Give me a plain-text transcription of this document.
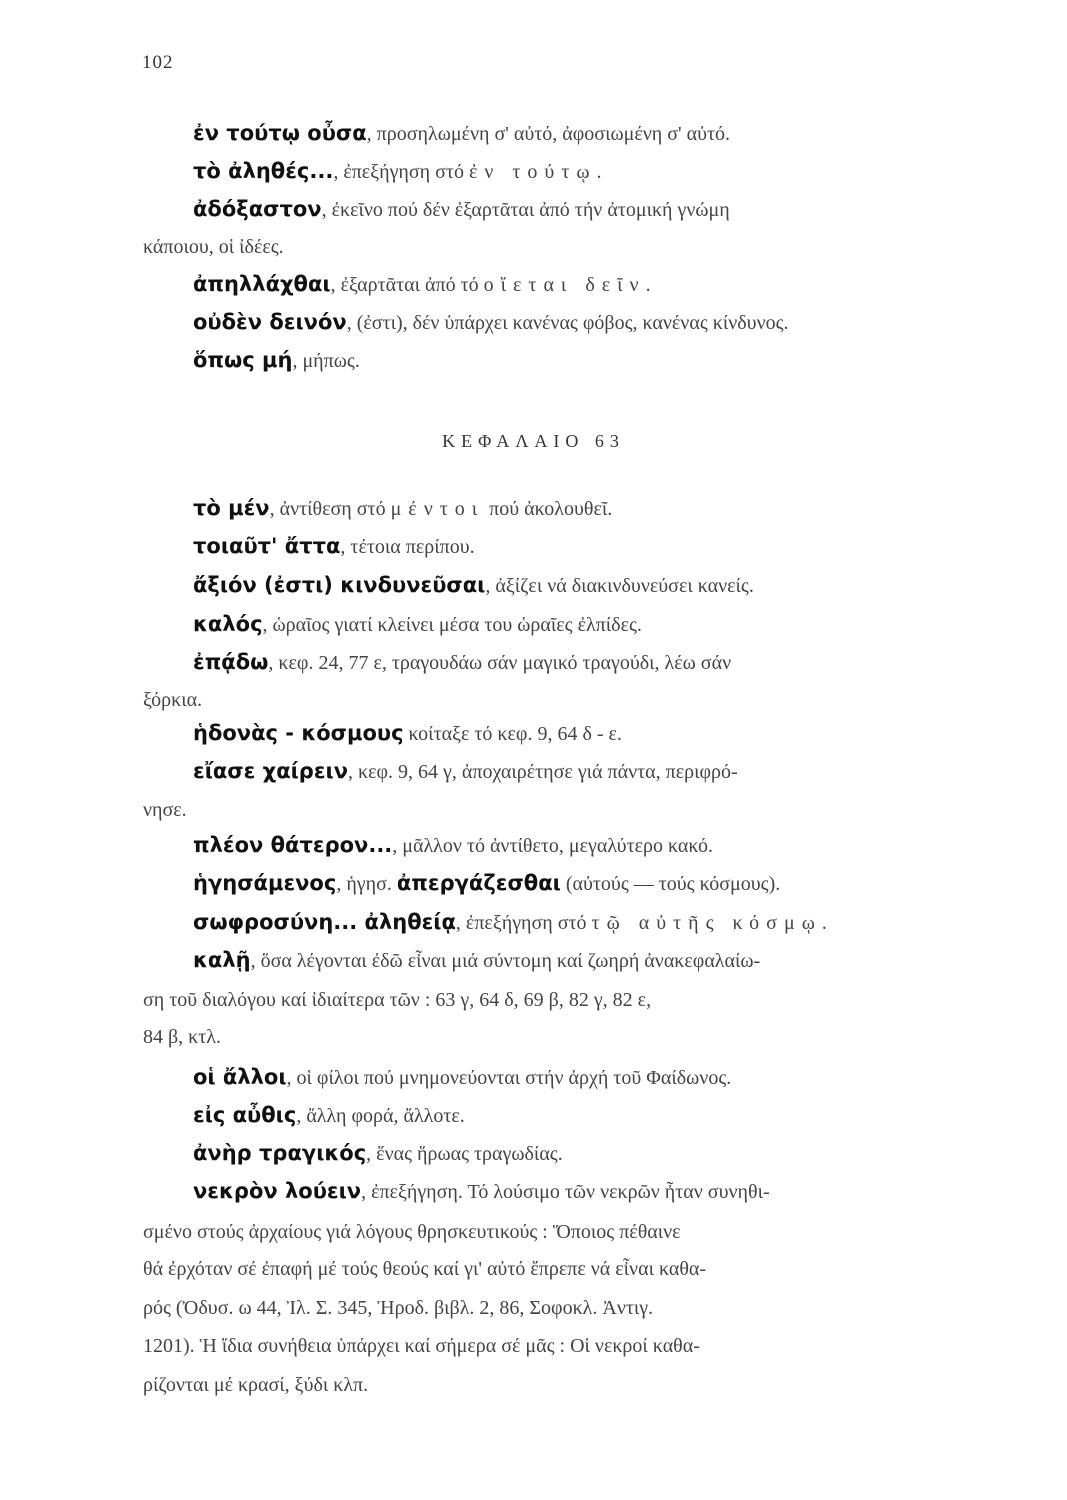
102
ἐν τούτῳ οὖσα, προσηλωμένη σ' αὐτό, ἀφοσιωμένη σ' αὐτό.
τὸ ἀληθές..., ἐπεξήγηση στό ἐν τούτῳ.
ἀδόξαστον, ἐκεῖνο πού δέν ἐξαρτᾶται ἀπό τήν ἀτομική γνώμη
κάποιου, οἱ ἰδέες.
ἀπηλλάχθαι, ἐξαρτᾶται ἀπό τό οἴεται δεῖν.
οὐδὲν δεινόν, (ἐστι), δέν ὑπάρχει κανένας φόβος, κανένας κίνδυνος.
ὅπως μή, μήπως.
ΚΕΦΑΛΑΙΟ 63
τὸ μέν, ἀντίθεση στό μέντοι πού ἀκολουθεῖ.
τοιαῦτ' ἄττα, τέτοια περίπου.
ἄξιόν (ἐστι) κινδυνεῦσαι, ἀξίζει νά διακινδυνεύσει κανείς.
καλός, ὡραῖος γιατί κλείνει μέσα του ὡραῖες ἐλπίδες.
ἐπᾴδω, κεφ. 24, 77 ε, τραγουδάω σάν μαγικό τραγούδι, λέω σάν
ξόρκια.
ἡδονὰς - κόσμους κοίταξε τό κεφ. 9, 64 δ - ε.
εἴασε χαίρειν, κεφ. 9, 64 γ, ἀποχαιρέτησε γιά πάντα, περιφρό-
νησε.
πλέον θάτερον..., μᾶλλον τό ἀντίθετο, μεγαλύτερο κακό.
ἡγησάμενος, ἡγησ. ἀπεργάζεσθαι (αὐτούς — τούς κόσμους).
σωφροσύνη... ἀληθείᾳ, ἐπεξήγηση στό τῷ αὐτῆς κόσμῳ.
καλῇ, ὅσα λέγονται ἐδῶ εἶναι μιά σύντομη καί ζωηρή ἀνακεφαλαίω-
ση τοῦ διαλόγου καί ἰδιαίτερα τῶν : 63 γ, 64 δ, 69 β, 82 γ, 82 ε,
84 β, κτλ.
οἱ ἄλλοι, οἱ φίλοι πού μνημονεύονται στήν ἀρχή τοῦ Φαίδωνος.
εἰς αὖθις, ἄλλη φορά, ἄλλοτε.
ἀνὴρ τραγικός, ἕνας ἥρωας τραγωδίας.
νεκρὸν λούειν, ἐπεξήγηση. Τό λούσιμο τῶν νεκρῶν ἦταν συνηθι-
σμένο στούς ἀρχαίους γιά λόγους θρησκευτικούς : Ὅποιος πέθαινε
θά ἐρχόταν σέ ἐπαφή μέ τούς θεούς καί γι' αὐτό ἔπρεπε νά εἶναι καθα-
ρός (Ὀδυσ. ω 44, Ἰλ. Σ. 345, Ἡροδ. βιβλ. 2, 86, Σοφοκλ. Ἀντιγ.
1201). Ἡ ἴδια συνήθεια ὑπάρχει καί σήμερα σέ μᾶς : Οἱ νεκροί καθα-
ρίζονται μέ κρασί, ξύδι κλπ.
